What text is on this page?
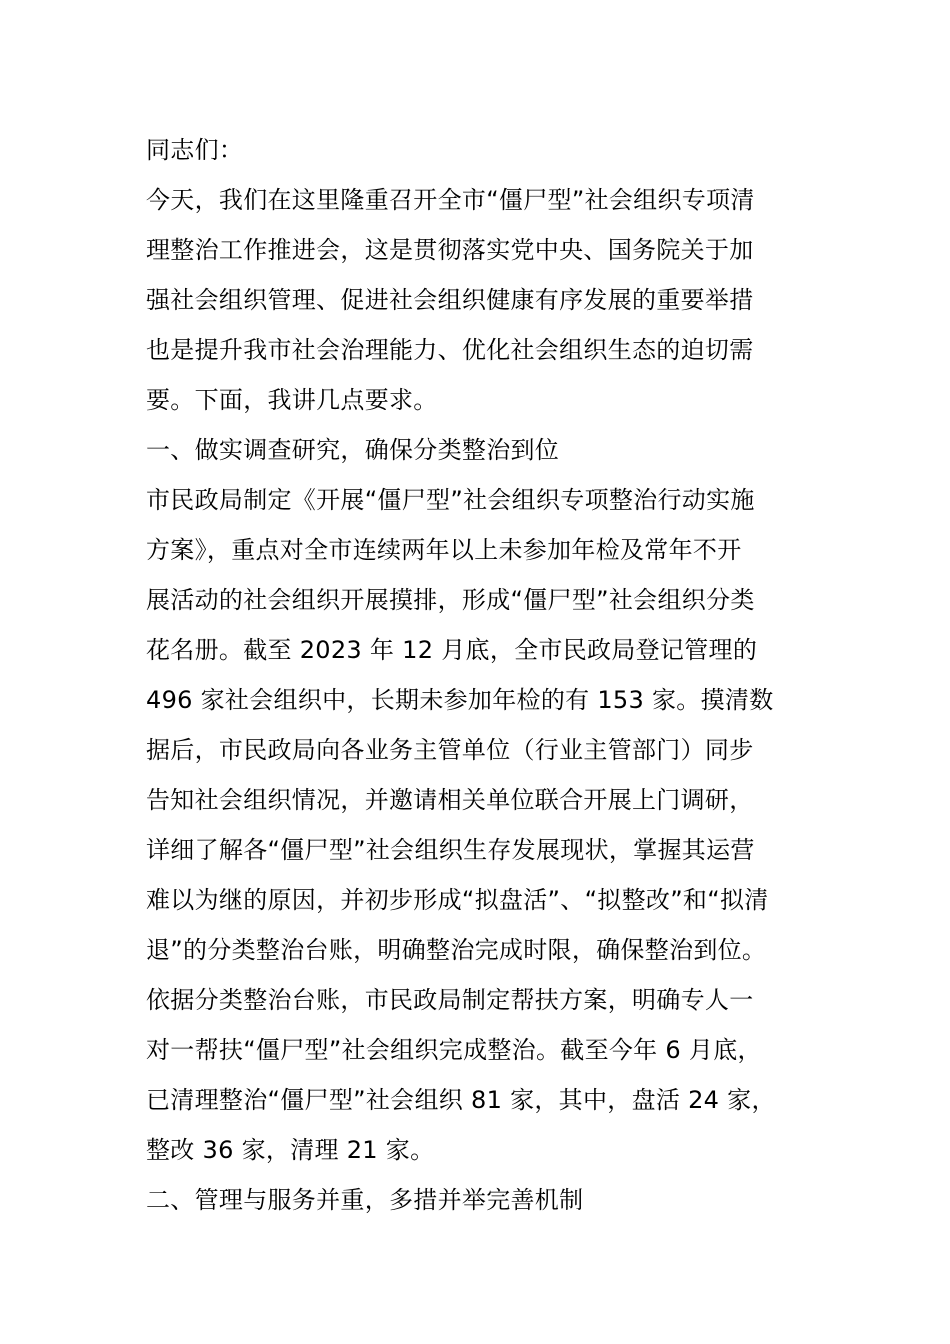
同志们：
今天，我们在这里隆重召开全市“僵尸型”社会组织专项清
理整治工作推进会，这是贯彻落实党中央、国务院关于加
强社会组织管理、促进社会组织健康有序发展的重要举措
也是提升我市社会治理能力、优化社会组织生态的迫切需
要。下面，我讲几点要求。
一、做实调查研究，确保分类整治到位
市民政局制定《开展“僵尸型”社会组织专项整治行动实施
方案》，重点对全市连续两年以上未参加年检及常年不开
展活动的社会组织开展摸排，形成“僵尸型”社会组织分类
花名册。截至 2023 年 12 月底，全市民政局登记管理的
496 家社会组织中，长期未参加年检的有 153 家。摸清数
据后，市民政局向各业务主管单位（行业主管部门）同步
告知社会组织情况，并邀请相关单位联合开展上门调研，
详细了解各“僵尸型”社会组织生存发展现状，掌握其运营
难以为继的原因，并初步形成“拟盘活”、“拟整改”和“拟清
退”的分类整治台账，明确整治完成时限，确保整治到位。
依据分类整治台账，市民政局制定帮扶方案，明确专人一
对一帮扶“僵尸型”社会组织完成整治。截至今年 6 月底，
已清理整治“僵尸型”社会组织 81 家，其中，盘活 24 家，
整改 36 家，清理 21 家。
二、管理与服务并重，多措并举完善机制
